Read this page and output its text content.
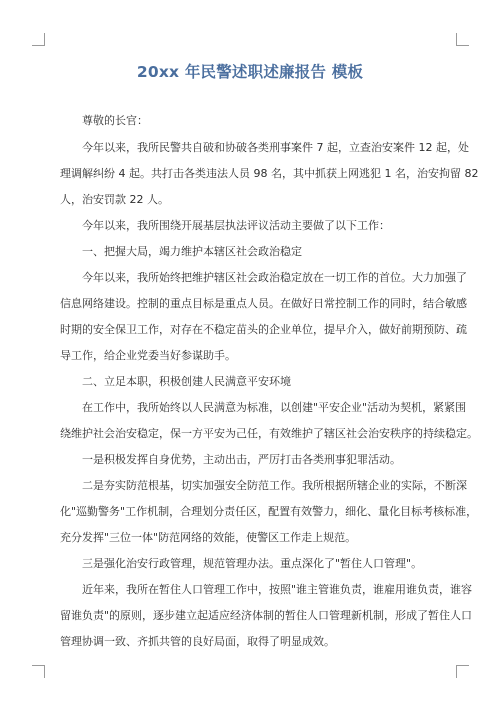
20xx 年民警述职述廉报告 模板
尊敬的长官：
今年以来，我所民警共自破和协破各类刑事案件 7 起，立查治安案件 12 起，处
理调解纠纷 4 起。共打击各类违法人员 98 名，其中抓获上网逃犯 1 名，治安拘留 82
人，治安罚款 22 人。
今年以来，我所围绕开展基层执法评议活动主要做了以下工作：
一、把握大局，竭力维护本辖区社会政治稳定
今年以来，我所始终把维护辖区社会政治稳定放在一切工作的首位。大力加强了
信息网络建设。控制的重点目标是重点人员。在做好日常控制工作的同时，结合敏感
时期的安全保卫工作，对存在不稳定苗头的企业单位，提早介入，做好前期预防、疏
导工作，给企业党委当好参谋助手。
二、立足本职，积极创建人民满意平安环境
在工作中，我所始终以人民满意为标准，以创建"平安企业"活动为契机，紧紧围
绕维护社会治安稳定，保一方平安为己任，有效维护了辖区社会治安秩序的持续稳定。
一是积极发挥自身优势，主动出击，严厉打击各类刑事犯罪活动。
二是夯实防范根基，切实加强安全防范工作。我所根据所辖企业的实际，不断深
化"巡勤警务"工作机制，合理划分责任区，配置有效警力，细化、量化目标考核标准，
充分发挥"三位一体"防范网络的效能，使警区工作走上规范。
三是强化治安行政管理，规范管理办法。重点深化了"暂住人口管理"。
近年来，我所在暂住人口管理工作中，按照"谁主管谁负责，谁雇用谁负责，谁容
留谁负责"的原则，逐步建立起适应经济体制的暂住人口管理新机制，形成了暂住人口
管理协调一致、齐抓共管的良好局面，取得了明显成效。
